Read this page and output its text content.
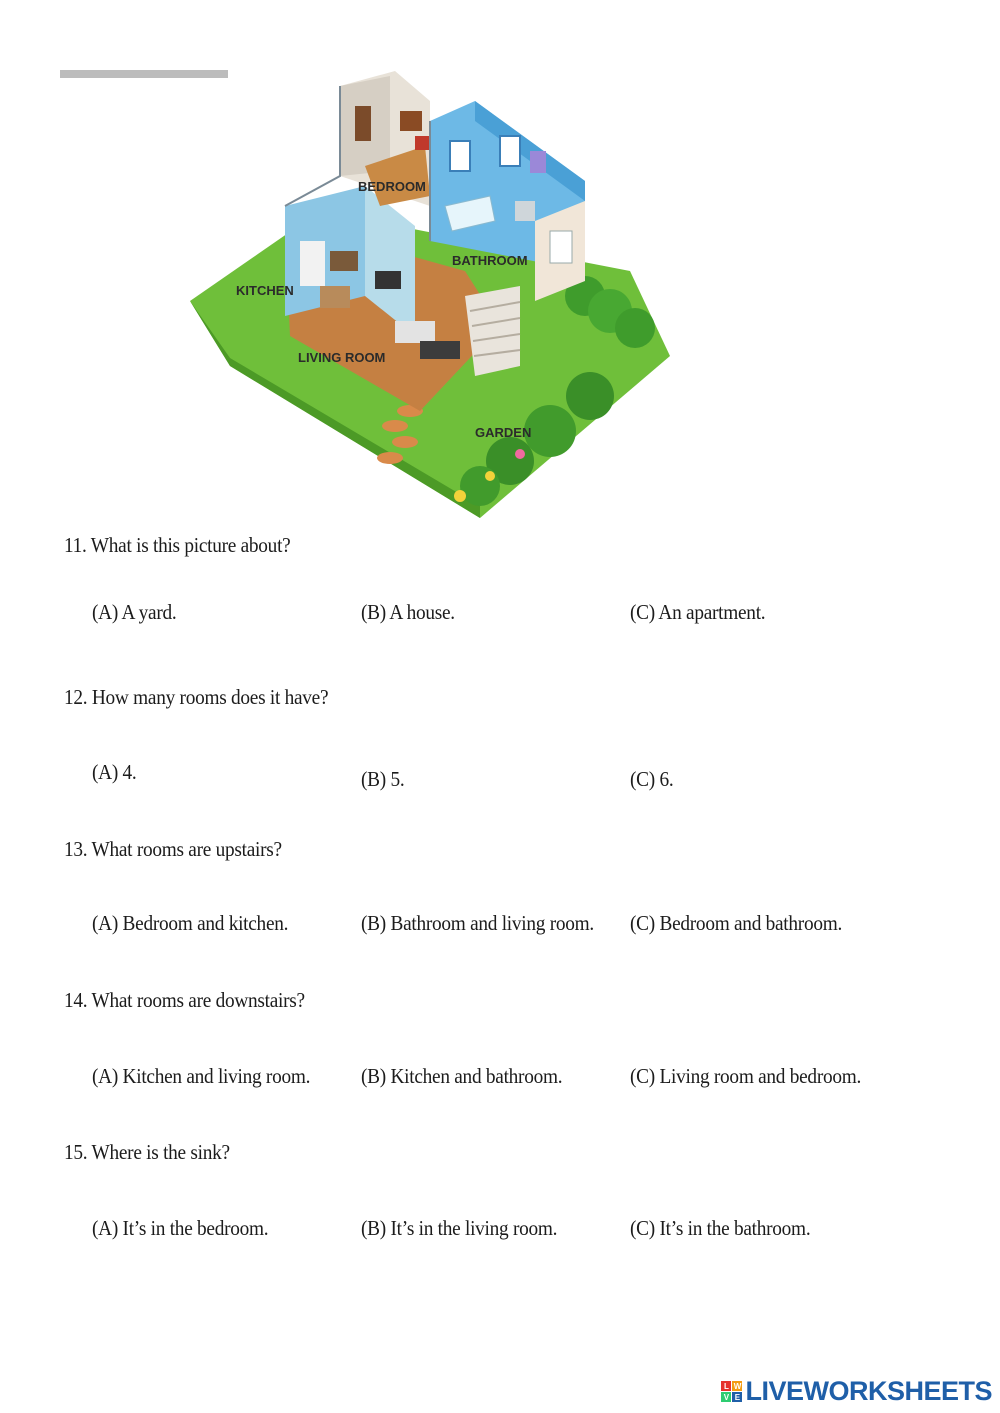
BEDROOM
BATHROOM
KITCHEN
LIVING ROOM
GARDEN
11. What is this picture about?
(A) A yard.	(B) A house.	(C) An apartment.
12. How many rooms does it have?
(A) 4.	(B) 5.	(C) 6.
13. What rooms are upstairs?
(A) Bedroom and kitchen.	(B) Bathroom and living room. (C) Bedroom and bathroom.
14. What rooms are downstairs?
(A) Kitchen and living room. (B) Kitchen and bathroom.	(C) Living room and bedroom.
15. Where is the sink?
(A) It’s in the bedroom.	(B) It’s in the living room.	(C) It’s in the bathroom.
L W
V E LIVEWORKSHEETS
